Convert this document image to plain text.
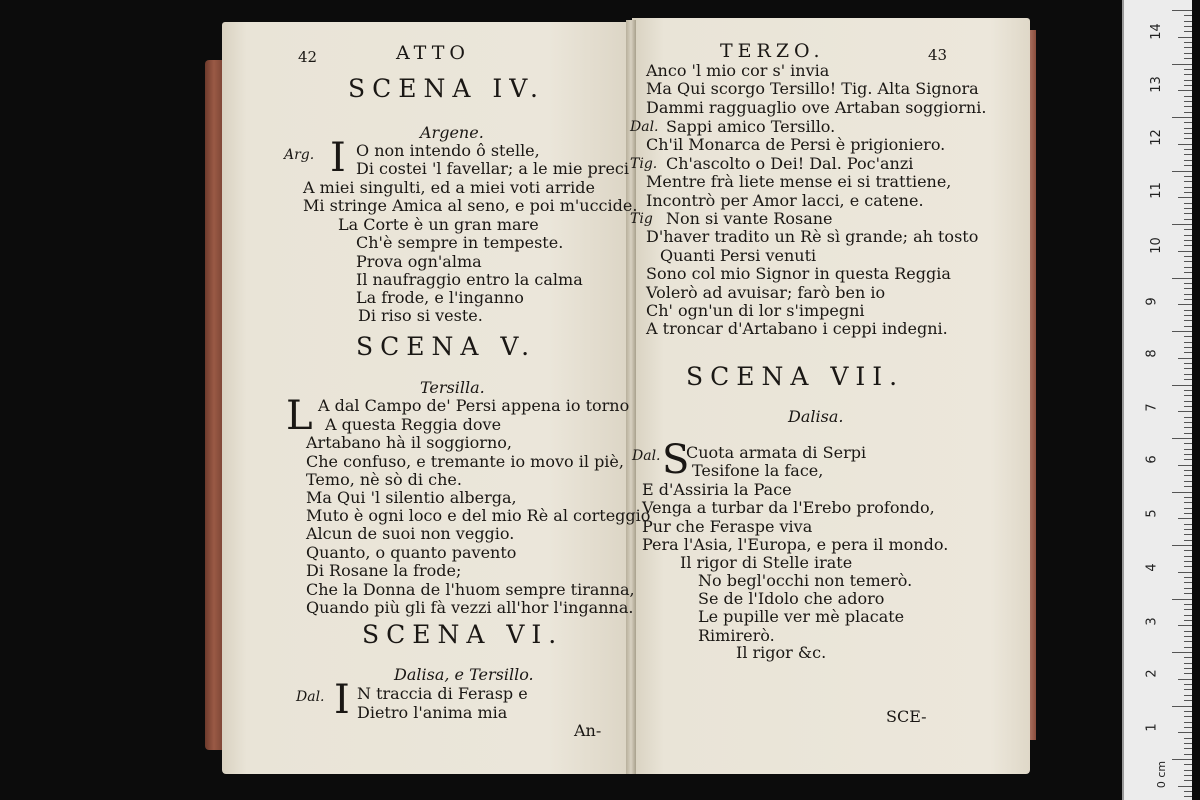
42	ATTO
SCENA IV.
Argene.
Arg. I O non intendo ô stelle,
Di costei 'l favellar; a le mie preci
A miei singulti, ed a miei voti arride
Mi stringe Amica al seno, e poi m'uccide.
La Corte è un gran mare
Ch'è sempre in tempeste.
Prova ogn'alma
Il naufraggio entro la calma
La frode, e l'inganno
Di riso si veste.
SCENA V.
Tersilla.
L A dal Campo de' Persi appena io torno
A questa Reggia dove
Artabano hà il soggiorno,
Che confuso, e tremante io movo il piè,
Temo, nè sò di che.
Ma Qui 'l silentio alberga,
Muto è ogni loco e del mio Rè al corteggio
Alcun de suoi non veggio.
Quanto, o quanto pavento
Di Rosane la frode;
Che la Donna de l'huom sempre tiranna,
Quando più gli fà vezzi all'hor l'inganna.
SCENA VI.
Dalisa, e Tersillo.
Dal. I N traccia di Ferasp e
Dietro l'anima mia
An-
TERZO.	43
Anco 'l mio cor s' invia
Ma Qui scorgo Tersillo! Tig. Alta Signora
Dammi ragguaglio ove Artaban soggiorni.
Dal. Sappi amico Tersillo.
Ch'il Monarca de Persi è prigioniero.
Tig. Ch'ascolto o Dei! Dal. Poc'anzi
Mentre frà liete mense ei si trattiene,
Incontrò per Amor lacci, e catene.
Tig Non si vante Rosane
D'haver tradito un Rè sì grande; ah tosto
Quanti Persi venuti
Sono col mio Signor in questa Reggia
Volerò ad avuisar; farò ben io
Ch' ogn'un di lor s'impegni
A troncar d'Artabano i ceppi indegni.
SCENA VII.
Dalisa.
Dal. S
Cuota armata di Serpi
Tesifone la face,
E d'Assiria la Pace
Venga a turbar da l'Erebo profondo,
Pur che Feraspe viva
Pera l'Asia, l'Europa, e pera il mondo.
Il rigor di Stelle irate
No begl'occhi non temerò.
Se de l'Idolo che adoro
Le pupille ver mè placate
Rimirerò.
Il rigor &c.
SCE-
14
13
12
11
10
9
8
7
6
5
4
3
2
1
0 cm
